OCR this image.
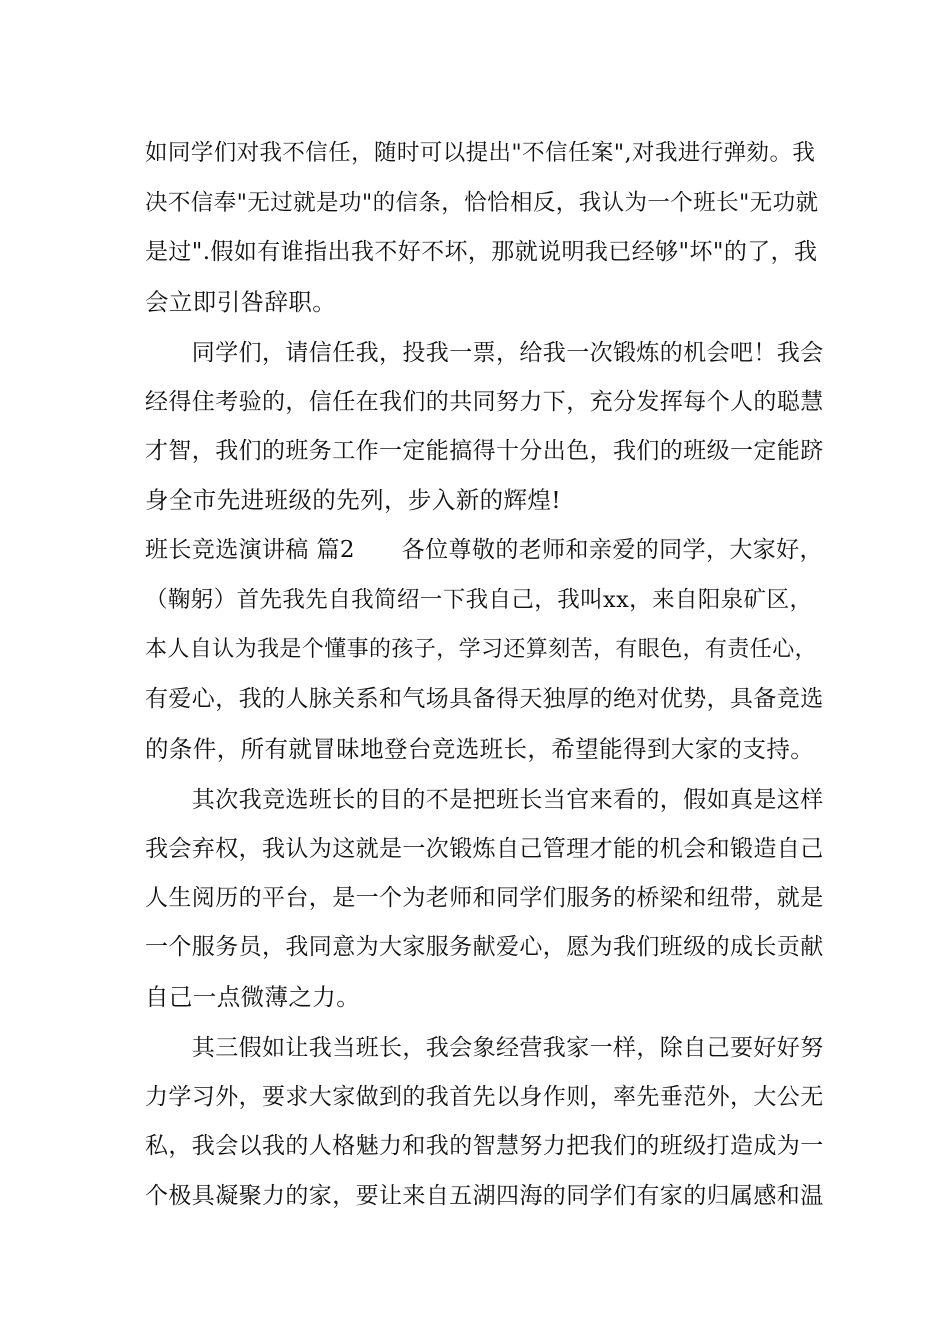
如同学们对我不信任，随时可以提出"不信任案",对我进行弹劾。我
决不信奉"无过就是功"的信条，恰恰相反，我认为一个班长"无功就
是过".假如有谁指出我不好不坏，那就说明我已经够"坏"的了，我
会立即引咎辞职。
　　同学们，请信任我，投我一票，给我一次锻炼的机会吧！我会
经得住考验的，信任在我们的共同努力下，充分发挥每个人的聪慧
才智，我们的班务工作一定能搞得十分出色，我们的班级一定能跻
身全市先进班级的先列，步入新的辉煌!
班长竞选演讲稿 篇2　　各位尊敬的老师和亲爱的同学，大家好，
（鞠躬）首先我先自我简绍一下我自己，我叫xx，来自阳泉矿区，
本人自认为我是个懂事的孩子，学习还算刻苦，有眼色，有责任心，
有爱心，我的人脉关系和气场具备得天独厚的绝对优势，具备竞选
的条件，所有就冒昧地登台竞选班长，希望能得到大家的支持。
　　其次我竞选班长的目的不是把班长当官来看的，假如真是这样
我会弃权，我认为这就是一次锻炼自己管理才能的机会和锻造自己
人生阅历的平台，是一个为老师和同学们服务的桥梁和纽带，就是
一个服务员，我同意为大家服务献爱心，愿为我们班级的成长贡献
自己一点微薄之力。
　　其三假如让我当班长，我会象经营我家一样，除自己要好好努
力学习外，要求大家做到的我首先以身作则，率先垂范外，大公无
私，我会以我的人格魅力和我的智慧努力把我们的班级打造成为一
个极具凝聚力的家，要让来自五湖四海的同学们有家的归属感和温
